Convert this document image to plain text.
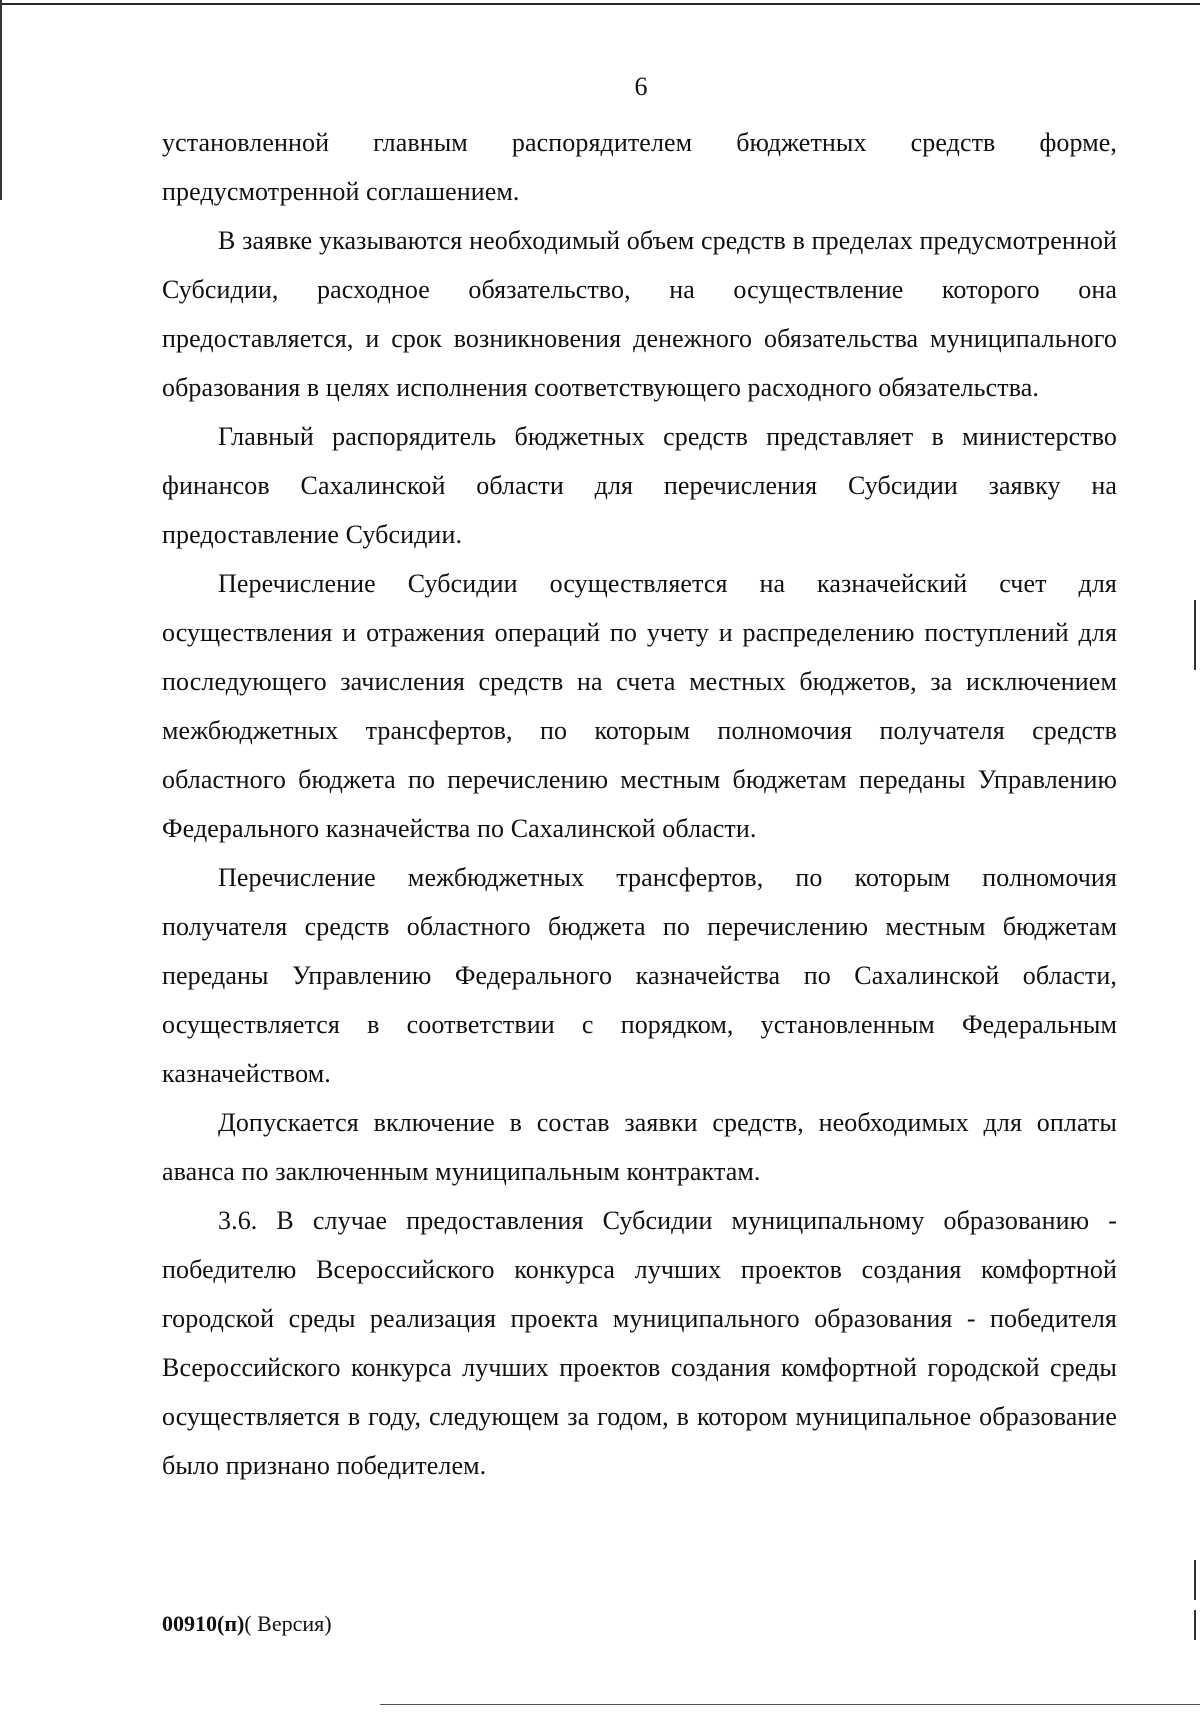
6

установленной главным распорядителем бюджетных средств форме, предусмотренной соглашением.

В заявке указываются необходимый объем средств в пределах предусмотренной Субсидии, расходное обязательство, на осуществление которого она предоставляется, и срок возникновения денежного обязательства муниципального образования в целях исполнения соответствующего расходного обязательства.

Главный распорядитель бюджетных средств представляет в министерство финансов Сахалинской области для перечисления Субсидии заявку на предоставление Субсидии.

Перечисление Субсидии осуществляется на казначейский счет для осуществления и отражения операций по учету и распределению поступлений для последующего зачисления средств на счета местных бюджетов, за исключением межбюджетных трансфертов, по которым полномочия получателя средств областного бюджета по перечислению местным бюджетам переданы Управлению Федерального казначейства по Сахалинской области.

Перечисление межбюджетных трансфертов, по которым полномочия получателя средств областного бюджета по перечислению местным бюджетам переданы Управлению Федерального казначейства по Сахалинской области, осуществляется в соответствии с порядком, установленным Федеральным казначейством.

Допускается включение в состав заявки средств, необходимых для оплаты аванса по заключенным муниципальным контрактам.

3.6. В случае предоставления Субсидии муниципальному образованию - победителю Всероссийского конкурса лучших проектов создания комфортной городской среды реализация проекта муниципального образования - победителя Всероссийского конкурса лучших проектов создания комфортной городской среды осуществляется в году, следующем за годом, в котором муниципальное образование было признано победителем.

00910(п)( Версия)
